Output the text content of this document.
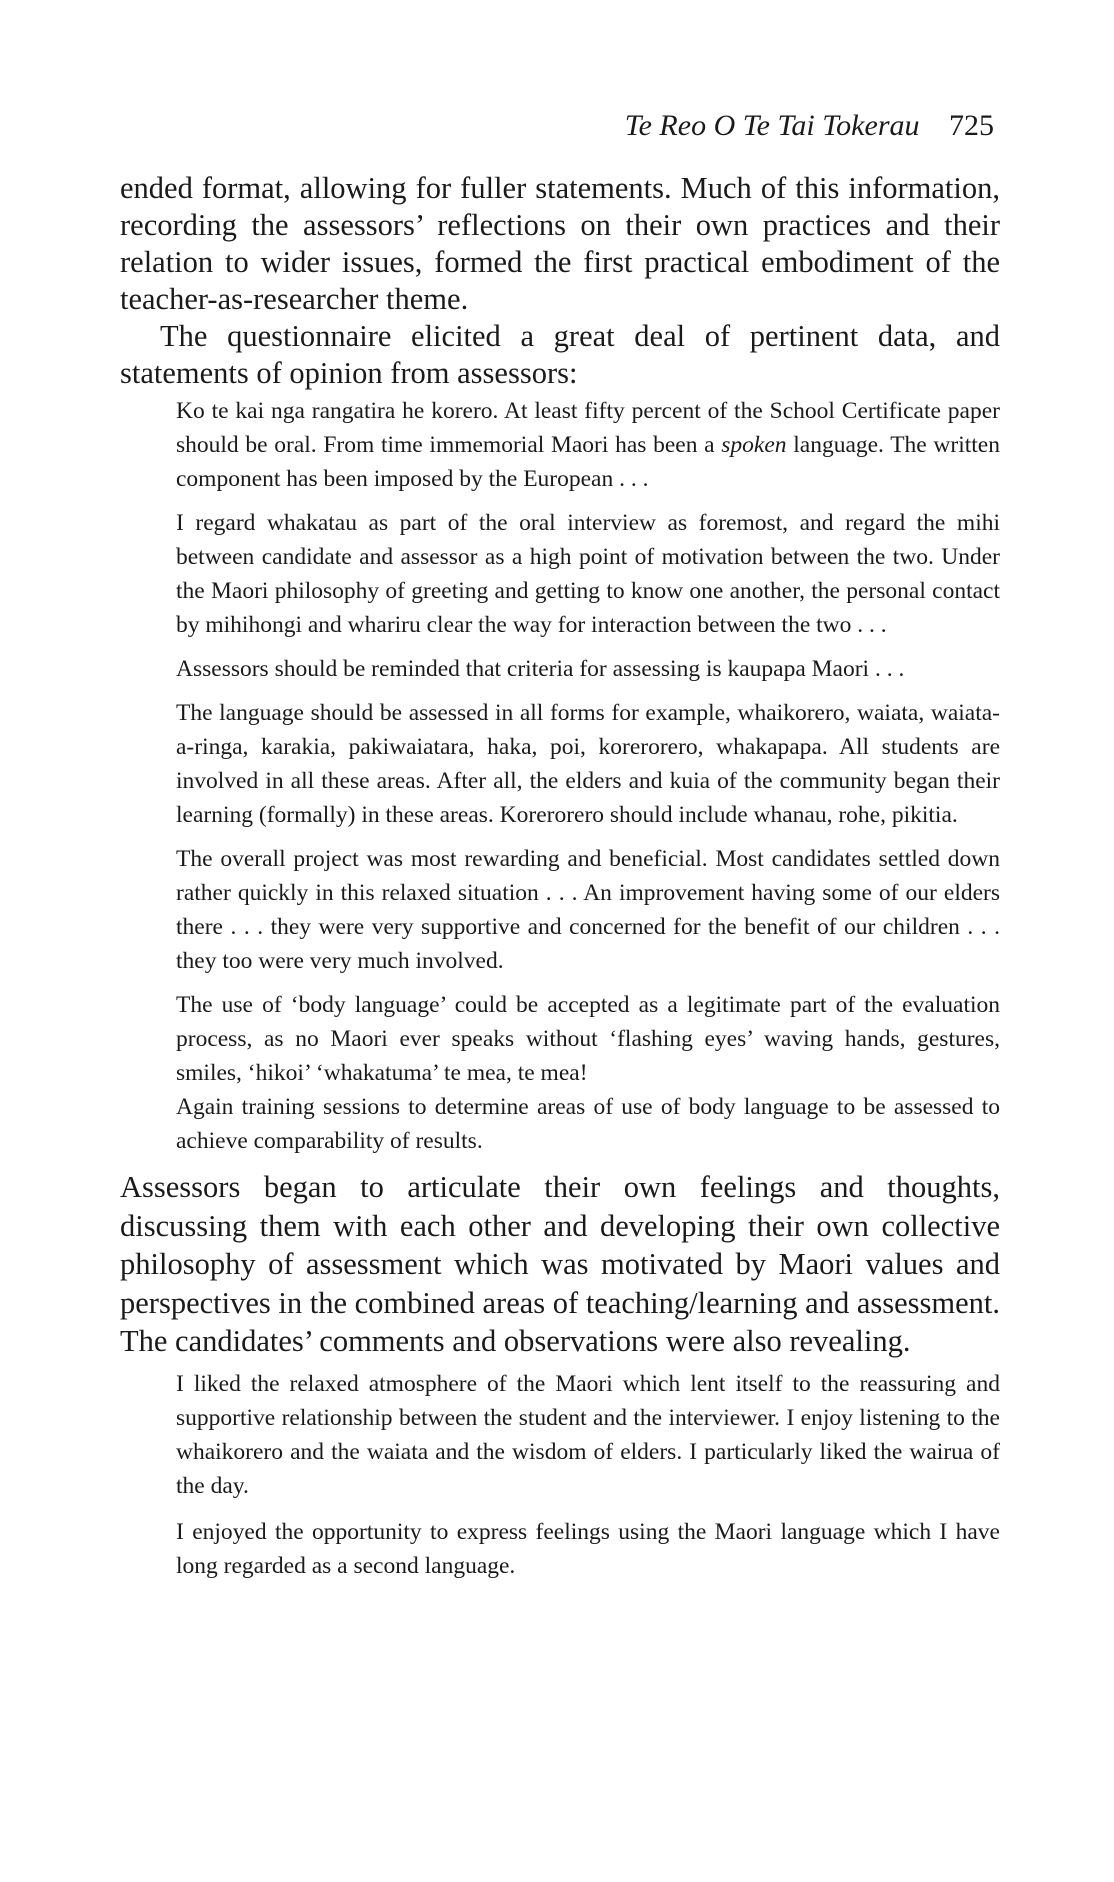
Te Reo O Te Tai Tokerau 725

ended format, allowing for fuller statements. Much of this information, recording the assessors’ reflections on their own practices and their relation to wider issues, formed the first practical embodiment of the teacher-as-researcher theme.

The questionnaire elicited a great deal of pertinent data, and statements of opinion from assessors:

Ko te kai nga rangatira he korero. At least fifty percent of the School Certificate paper should be oral. From time immemorial Maori has been a spoken language. The written component has been imposed by the European . . .

I regard whakatau as part of the oral interview as foremost, and regard the mihi between candidate and assessor as a high point of motivation between the two. Under the Maori philosophy of greeting and getting to know one another, the personal contact by mihihongi and whariru clear the way for interaction between the two . . .

Assessors should be reminded that criteria for assessing is kaupapa Maori . . .

The language should be assessed in all forms for example, whaikorero, waiata, waiata-a-ringa, karakia, pakiwaiatara, haka, poi, korerorero, whakapapa. All students are involved in all these areas. After all, the elders and kuia of the community began their learning (formally) in these areas. Korerorero should include whanau, rohe, pikitia.

The overall project was most rewarding and beneficial. Most candidates settled down rather quickly in this relaxed situation . . . An improvement having some of our elders there . . . they were very supportive and concerned for the benefit of our children . . . they too were very much involved.

The use of ‘body language’ could be accepted as a legitimate part of the evaluation process, as no Maori ever speaks without ‘flashing eyes’ waving hands, gestures, smiles, ‘hikoi’ ‘whakatuma’ te mea, te mea!

Again training sessions to determine areas of use of body language to be assessed to achieve comparability of results.

Assessors began to articulate their own feelings and thoughts, discussing them with each other and developing their own collective philosophy of assessment which was motivated by Maori values and perspectives in the combined areas of teaching/learning and assessment. The candidates’ comments and observations were also revealing.

I liked the relaxed atmosphere of the Maori which lent itself to the reassuring and supportive relationship between the student and the interviewer. I enjoy listening to the whaikorero and the waiata and the wisdom of elders. I particularly liked the wairua of the day.

I enjoyed the opportunity to express feelings using the Maori language which I have long regarded as a second language.
